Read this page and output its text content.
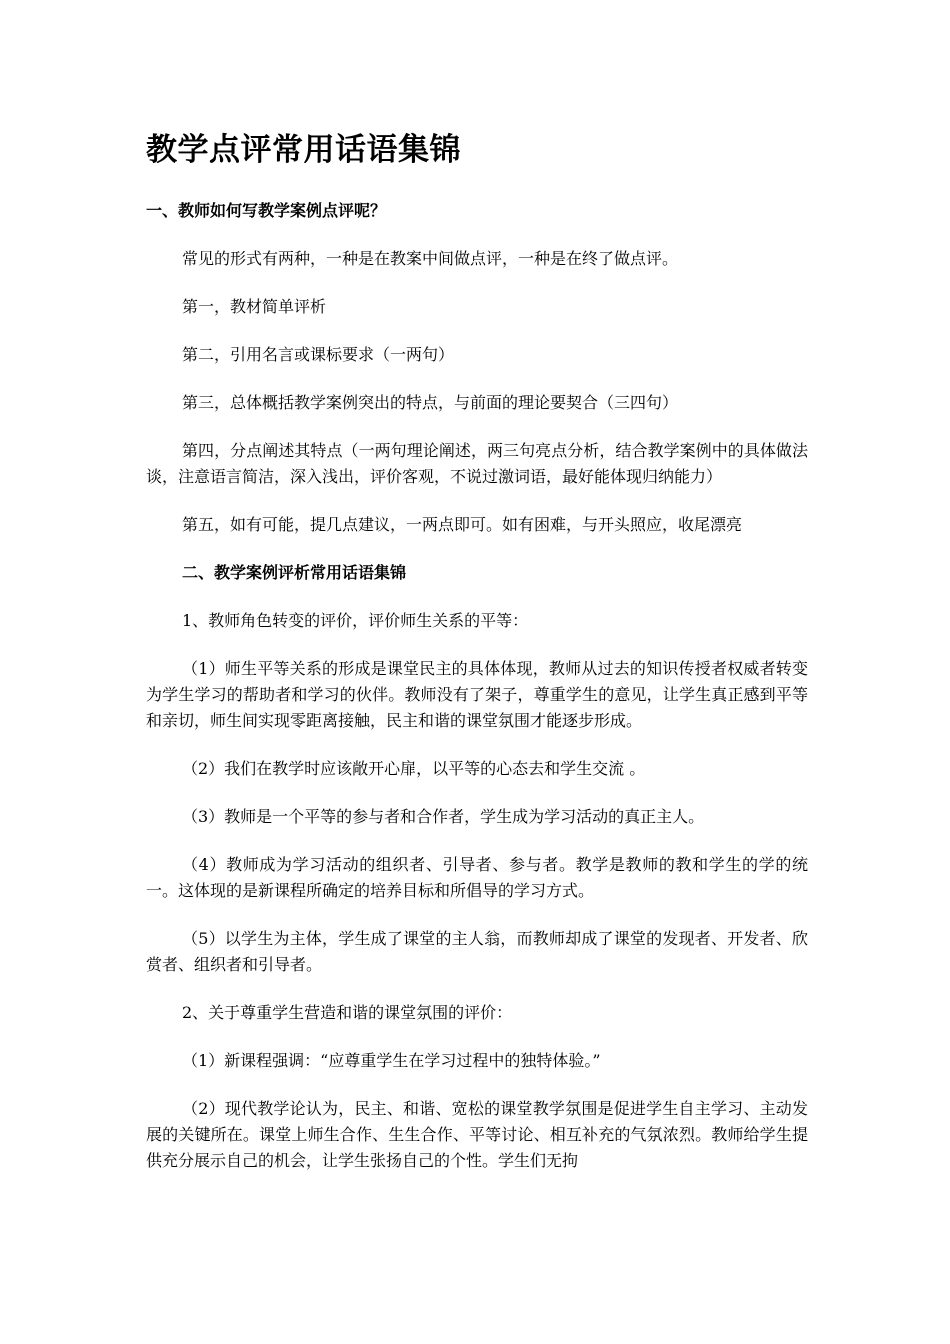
教学点评常用话语集锦
一、教师如何写教学案例点评呢？
常见的形式有两种，一种是在教案中间做点评，一种是在终了做点评。
第一，教材简单评析
第二，引用名言或课标要求（一两句）
第三，总体概括教学案例突出的特点，与前面的理论要契合（三四句）
第四，分点阐述其特点（一两句理论阐述，两三句亮点分析，结合教学案例中的具体做法谈，注意语言简洁，深入浅出，评价客观，不说过激词语，最好能体现归纳能力）
第五，如有可能，提几点建议，一两点即可。如有困难，与开头照应，收尾漂亮
二、教学案例评析常用话语集锦
1、教师角色转变的评价，评价师生关系的平等：
（1）师生平等关系的形成是课堂民主的具体体现，教师从过去的知识传授者权威者转变为学生学习的帮助者和学习的伙伴。教师没有了架子，尊重学生的意见，让学生真正感到平等和亲切，师生间实现零距离接触，民主和谐的课堂氛围才能逐步形成。
（2）我们在教学时应该敞开心扉，以平等的心态去和学生交流 。
（3）教师是一个平等的参与者和合作者，学生成为学习活动的真正主人。
（4）教师成为学习活动的组织者、引导者、参与者。教学是教师的教和学生的学的统一。这体现的是新课程所确定的培养目标和所倡导的学习方式。
（5）以学生为主体，学生成了课堂的主人翁，而教师却成了课堂的发现者、开发者、欣赏者、组织者和引导者。
2、关于尊重学生营造和谐的课堂氛围的评价：
（1）新课程强调：“应尊重学生在学习过程中的独特体验。”
（2）现代教学论认为，民主、和谐、宽松的课堂教学氛围是促进学生自主学习、主动发展的关键所在。课堂上师生合作、生生合作、平等讨论、相互补充的气氛浓烈。教师给学生提供充分展示自己的机会，让学生张扬自己的个性。学生们无拘
